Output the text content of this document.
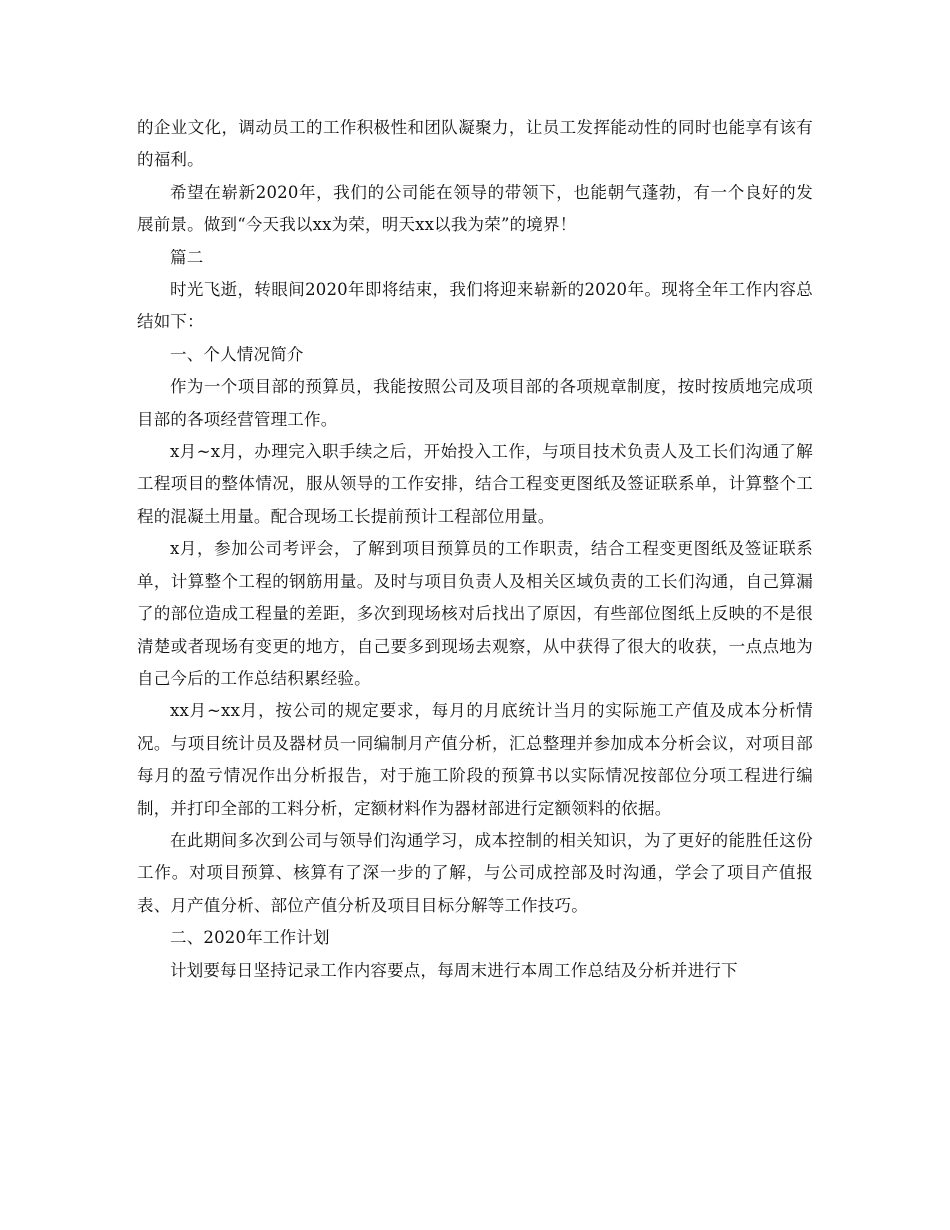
的企业文化，调动员工的工作积极性和团队凝聚力，让员工发挥能动性的同时也能享有该有的福利。

希望在崭新2020年，我们的公司能在领导的带领下，也能朝气蓬勃，有一个良好的发展前景。做到“今天我以xx为荣，明天xx以我为荣”的境界！

篇二

时光飞逝，转眼间2020年即将结束，我们将迎来崭新的2020年。现将全年工作内容总结如下：

一、个人情况简介

作为一个项目部的预算员，我能按照公司及项目部的各项规章制度，按时按质地完成项目部的各项经营管理工作。

x月~x月，办理完入职手续之后，开始投入工作，与项目技术负责人及工长们沟通了解工程项目的整体情况，服从领导的工作安排，结合工程变更图纸及签证联系单，计算整个工程的混凝土用量。配合现场工长提前预计工程部位用量。

x月，参加公司考评会，了解到项目预算员的工作职责，结合工程变更图纸及签证联系单，计算整个工程的钢筋用量。及时与项目负责人及相关区域负责的工长们沟通，自己算漏了的部位造成工程量的差距，多次到现场核对后找出了原因，有些部位图纸上反映的不是很清楚或者现场有变更的地方，自己要多到现场去观察，从中获得了很大的收获，一点点地为自己今后的工作总结积累经验。

xx月~xx月，按公司的规定要求，每月的月底统计当月的实际施工产值及成本分析情况。与项目统计员及器材员一同编制月产值分析，汇总整理并参加成本分析会议，对项目部每月的盈亏情况作出分析报告，对于施工阶段的预算书以实际情况按部位分项工程进行编制，并打印全部的工料分析，定额材料作为器材部进行定额领料的依据。

在此期间多次到公司与领导们沟通学习，成本控制的相关知识，为了更好的能胜任这份工作。对项目预算、核算有了深一步的了解，与公司成控部及时沟通，学会了项目产值报表、月产值分析、部位产值分析及项目目标分解等工作技巧。

二、2020年工作计划

计划要每日坚持记录工作内容要点，每周末进行本周工作总结及分析并进行下
